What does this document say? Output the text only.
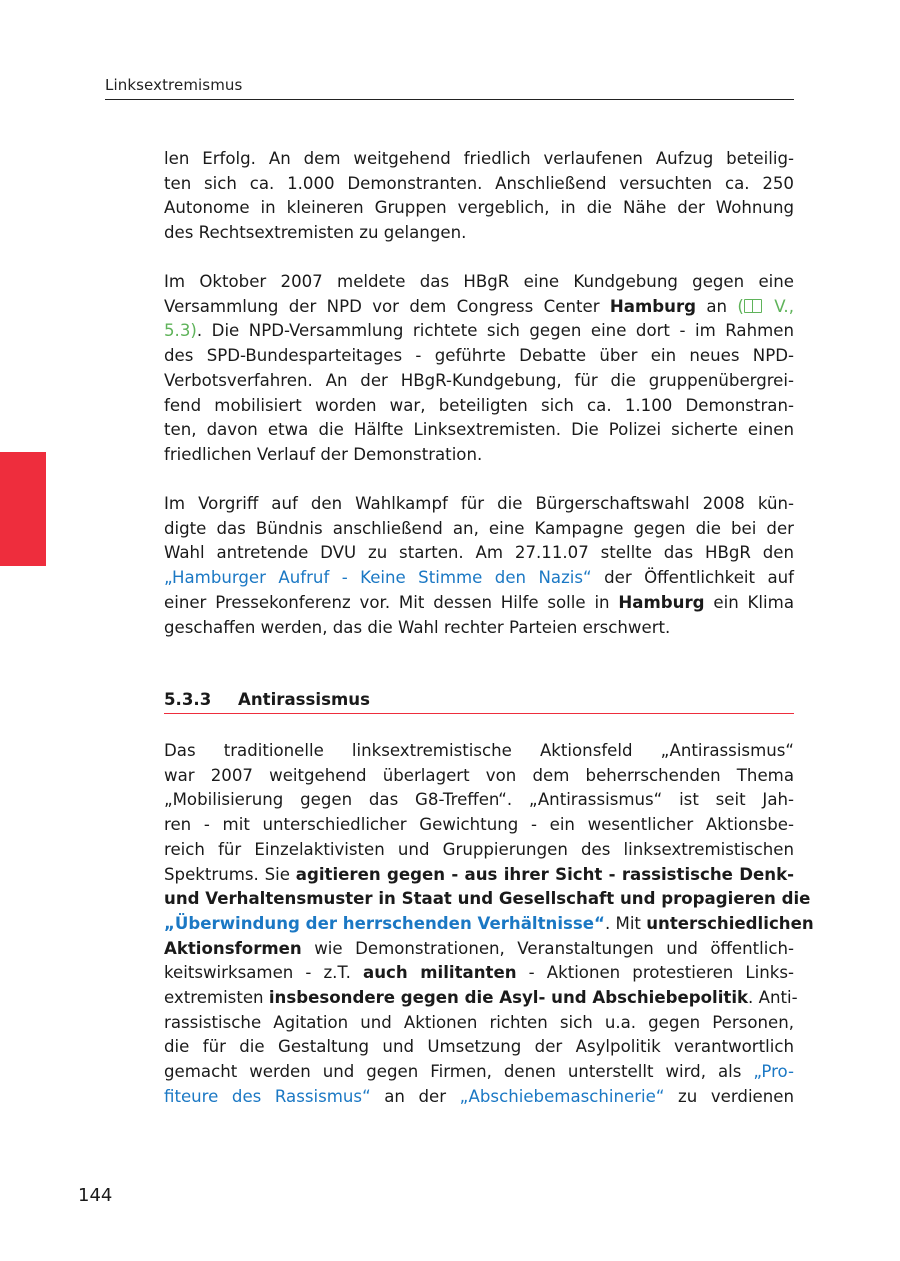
Linksextremismus

len Erfolg. An dem weitgehend friedlich verlaufenen Aufzug beteilig-
ten sich ca. 1.000 Demonstranten. Anschließend versuchten ca. 250
Autonome in kleineren Gruppen vergeblich, in die Nähe der Wohnung
des Rechtsextremisten zu gelangen.

Im Oktober 2007 meldete das HBgR eine Kundgebung gegen eine
Versammlung der NPD vor dem Congress Center Hamburg an ( V.,
5.3). Die NPD-Versammlung richtete sich gegen eine dort - im Rahmen
des SPD-Bundesparteitages - geführte Debatte über ein neues NPD-
Verbotsverfahren. An der HBgR-Kundgebung, für die gruppenübergrei-
fend mobilisiert worden war, beteiligten sich ca. 1.100 Demonstran-
ten, davon etwa die Hälfte Linksextremisten. Die Polizei sicherte einen
friedlichen Verlauf der Demonstration.

Im Vorgriff auf den Wahlkampf für die Bürgerschaftswahl 2008 kün-
digte das Bündnis anschließend an, eine Kampagne gegen die bei der
Wahl antretende DVU zu starten. Am 27.11.07 stellte das HBgR den
„Hamburger Aufruf - Keine Stimme den Nazis“ der Öffentlichkeit auf
einer Pressekonferenz vor. Mit dessen Hilfe solle in Hamburg ein Klima
geschaffen werden, das die Wahl rechter Parteien erschwert.

5.3.3 Antirassismus

Das traditionelle linksextremistische Aktionsfeld „Antirassismus“
war 2007 weitgehend überlagert von dem beherrschenden Thema
„Mobilisierung gegen das G8-Treffen“. „Antirassismus“ ist seit Jah-
ren - mit unterschiedlicher Gewichtung - ein wesentlicher Aktionsbe-
reich für Einzelaktivisten und Gruppierungen des linksextremistischen
Spektrums. Sie agitieren gegen - aus ihrer Sicht - rassistische Denk-
und Verhaltensmuster in Staat und Gesellschaft und propagieren die
„Überwindung der herrschenden Verhältnisse“. Mit unterschiedlichen
Aktionsformen wie Demonstrationen, Veranstaltungen und öffentlich-
keitswirksamen - z.T. auch militanten - Aktionen protestieren Links-
extremisten insbesondere gegen die Asyl- und Abschiebepolitik. Anti-
rassistische Agitation und Aktionen richten sich u.a. gegen Personen,
die für die Gestaltung und Umsetzung der Asylpolitik verantwortlich
gemacht werden und gegen Firmen, denen unterstellt wird, als „Pro-
fiteure des Rassismus“ an der „Abschiebemaschinerie“ zu verdienen

144
